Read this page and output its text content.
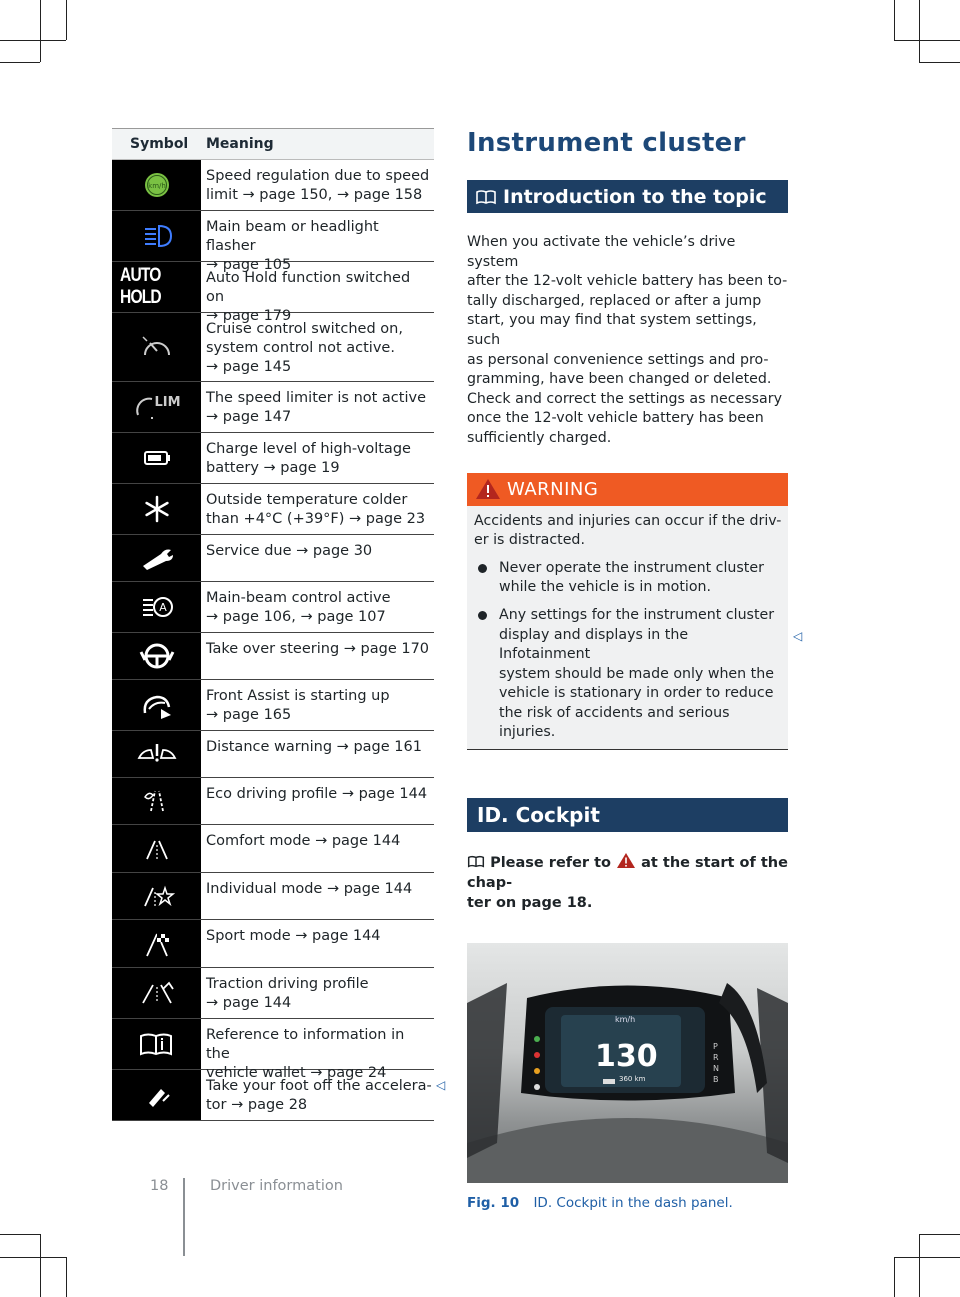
Symbol Meaning
km/h
Speed regulation due to speed
limit → page 150, → page 158
Main beam or headlight flasher
→ page 105
AUTO HOLD
Auto Hold function switched on
→ page 179
Cruise control switched on,
system control not active.
→ page 145
LIM	The speed limiter is not active
→ page 147
Charge level of high-voltage
battery → page 19
Outside temperature colder
than +4°C (+39°F) → page 23
Service due → page 30
A
Main-beam control active
→ page 106, → page 107
Take over steering → page 170
Front Assist is starting up
→ page 165
Distance warning → page 161
Eco driving profile → page 144
Comfort mode → page 144
Individual mode → page 144
Sport mode → page 144
Traction driving profile
→ page 144
Reference to information in the
vehicle wallet → page 24
Take your foot off the accelera-
tor → page 28
◁
Instrument cluster
Introduction to the topic
When you activate the vehicle’s drive system
after the 12-volt vehicle battery has been to-
tally discharged, replaced or after a jump
start, you may find that system settings, such
as personal convenience settings and pro-
gramming, have been changed or deleted.
Check and correct the settings as necessary
once the 12-volt vehicle battery has been
sufficiently charged.
WARNING
Accidents and injuries can occur if the driv-
er is distracted.
Never operate the instrument cluster
while the vehicle is in motion.
Any settings for the instrument cluster
display and displays in the Infotainment
system should be made only when the
vehicle is stationary in order to reduce
the risk of accidents and serious injuries.
ID. Cockpit
Please refer to at the start of the chap-
ter on page 18.
km/h
130
360 km
P
R
N
B
Fig. 10 ID. Cockpit in the dash panel.
◁
18	Driver information
